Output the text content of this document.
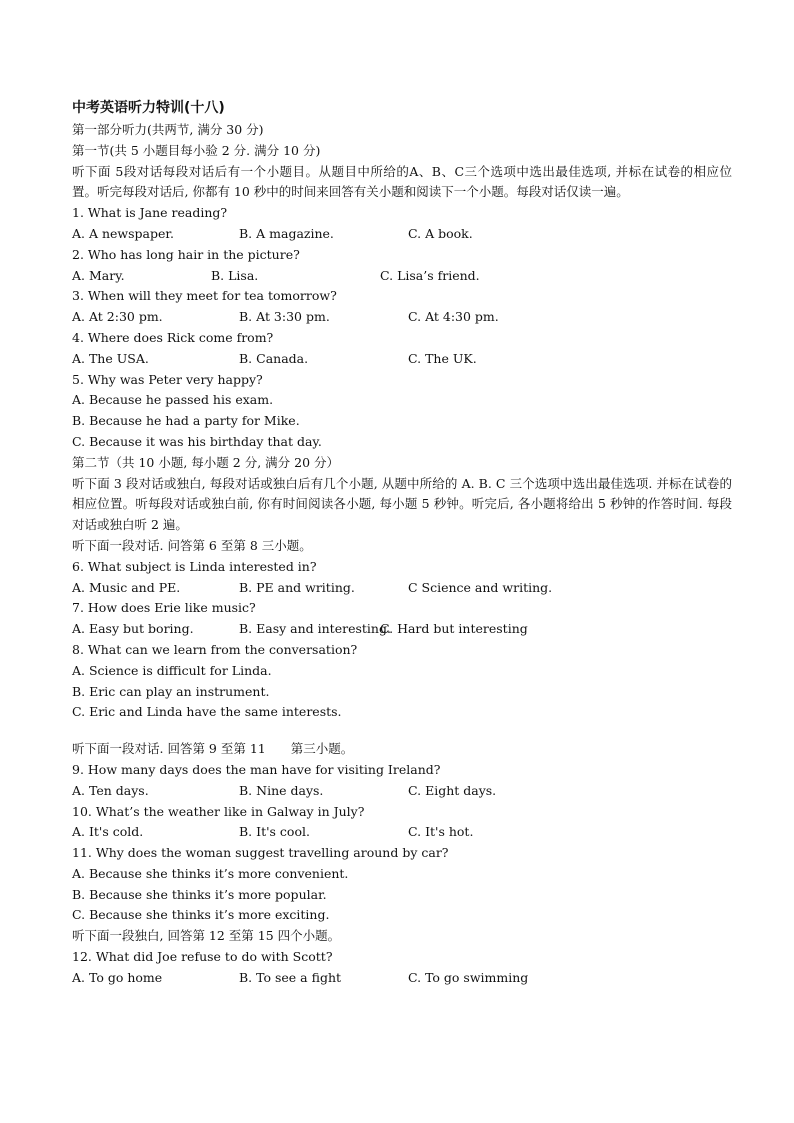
中考英语听力特训(十八)
第一部分听力(共两节, 满分 30 分)
第一节(共 5 小题目每小验 2 分. 满分 10 分)
听下面 5段对话每段对话后有一个小题目。从题目中所给的A、B、C三个选项中选出最佳选项, 并标在试卷的相应位置。听完每段对话后, 你都有 10 秒中的时间来回答有关小题和阅读下一个小题。每段对话仅读一遍。
1. What is Jane reading?
A. A newspaper.	B. A magazine.	C. A book.
2. Who has long hair in the picture?
A. Mary.	B. Lisa.	C. Lisa’s friend.
3. When will they meet for tea tomorrow?
A. At 2:30 pm.	B. At 3:30 pm.	C. At 4:30 pm.
4. Where does Rick come from?
A. The USA.	B. Canada.	C. The UK.
5. Why was Peter very happy?
A. Because he passed his exam.
B. Because he had a party for Mike.
C. Because it was his birthday that day.
第二节（共 10 小题, 每小题 2 分, 满分 20 分）
听下面 3 段对话或独白, 每段对话或独白后有几个小题, 从题中所给的 A. B. C 三个选项中选出最佳选项. 并标在试卷的相应位置。听每段对话或独白前, 你有时间阅读各小题, 每小题 5 秒钟。听完后, 各小题将给出 5 秒钟的作答时间. 每段对话或独白听 2 遍。
听下面一段对话. 问答第 6 至第 8 三小题。
6. What subject is Linda interested in?
A. Music and PE.	B. PE and writing.	C Science and writing.
7. How does Erie like music?
A. Easy but boring.	B. Easy and interesting.
C. Hard but interesting
8. What can we learn from the conversation?
A. Science is difficult for Linda.
B. Eric can play an instrument.
C. Eric and Linda have the same interests.
听下面一段对话. 回答第 9 至第 11　　第三小题。
9. How many days does the man have for visiting Ireland?
A. Ten days.	B. Nine days.	C. Eight days.
10. What’s the weather like in Galway in July?
A. It's cold.	B. It's cool.	C. It's hot.
11. Why does the woman suggest travelling around by car?
A. Because she thinks it’s more convenient.
B. Because she thinks it’s more popular.
C. Because she thinks it’s more exciting.
听下面一段独白, 回答第 12 至第 15 四个小题。
12. What did Joe refuse to do with Scott?
A. To go home	B. To see a fight	C. To go swimming
